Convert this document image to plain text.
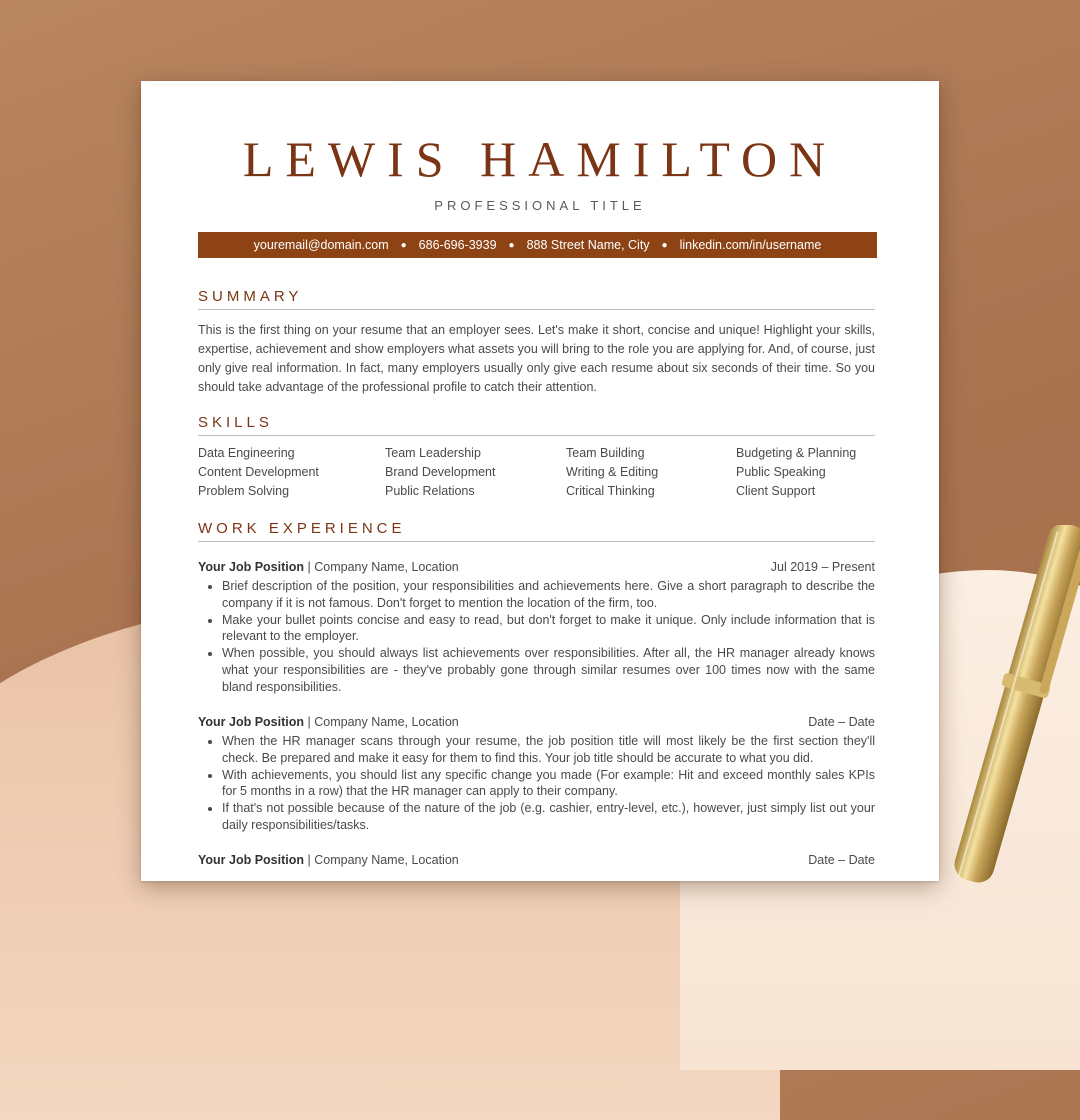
LEWIS HAMILTON
PROFESSIONAL TITLE
youremail@domain.com ● 686-696-3939 ● 888 Street Name, City ● linkedin.com/in/username
SUMMARY
This is the first thing on your resume that an employer sees. Let's make it short, concise and unique! Highlight your skills, expertise, achievement and show employers what assets you will bring to the role you are applying for. And, of course, just only give real information. In fact, many employers usually only give each resume about six seconds of their time. So you should take advantage of the professional profile to catch their attention.
SKILLS
Data Engineering	Team Leadership	Team Building	Budgeting & Planning
Content Development	Brand Development	Writing & Editing	Public Speaking
Problem Solving	Public Relations	Critical Thinking	Client Support
WORK EXPERIENCE
Your Job Position | Company Name, Location	Jul 2019 – Present
• Brief description of the position, your responsibilities and achievements here. Give a short paragraph to describe the company if it is not famous. Don't forget to mention the location of the firm, too.
• Make your bullet points concise and easy to read, but don't forget to make it unique. Only include information that is relevant to the employer.
• When possible, you should always list achievements over responsibilities. After all, the HR manager already knows what your responsibilities are - they've probably gone through similar resumes over 100 times now with the same bland responsibilities.
Your Job Position | Company Name, Location	Date – Date
• When the HR manager scans through your resume, the job position title will most likely be the first section they'll check. Be prepared and make it easy for them to find this. Your job title should be accurate to what you did.
• With achievements, you should list any specific change you made (For example: Hit and exceed monthly sales KPIs for 5 months in a row) that the HR manager can apply to their company.
• If that's not possible because of the nature of the job (e.g. cashier, entry-level, etc.), however, just simply list out your daily responsibilities/tasks.
Your Job Position | Company Name, Location	Date – Date
